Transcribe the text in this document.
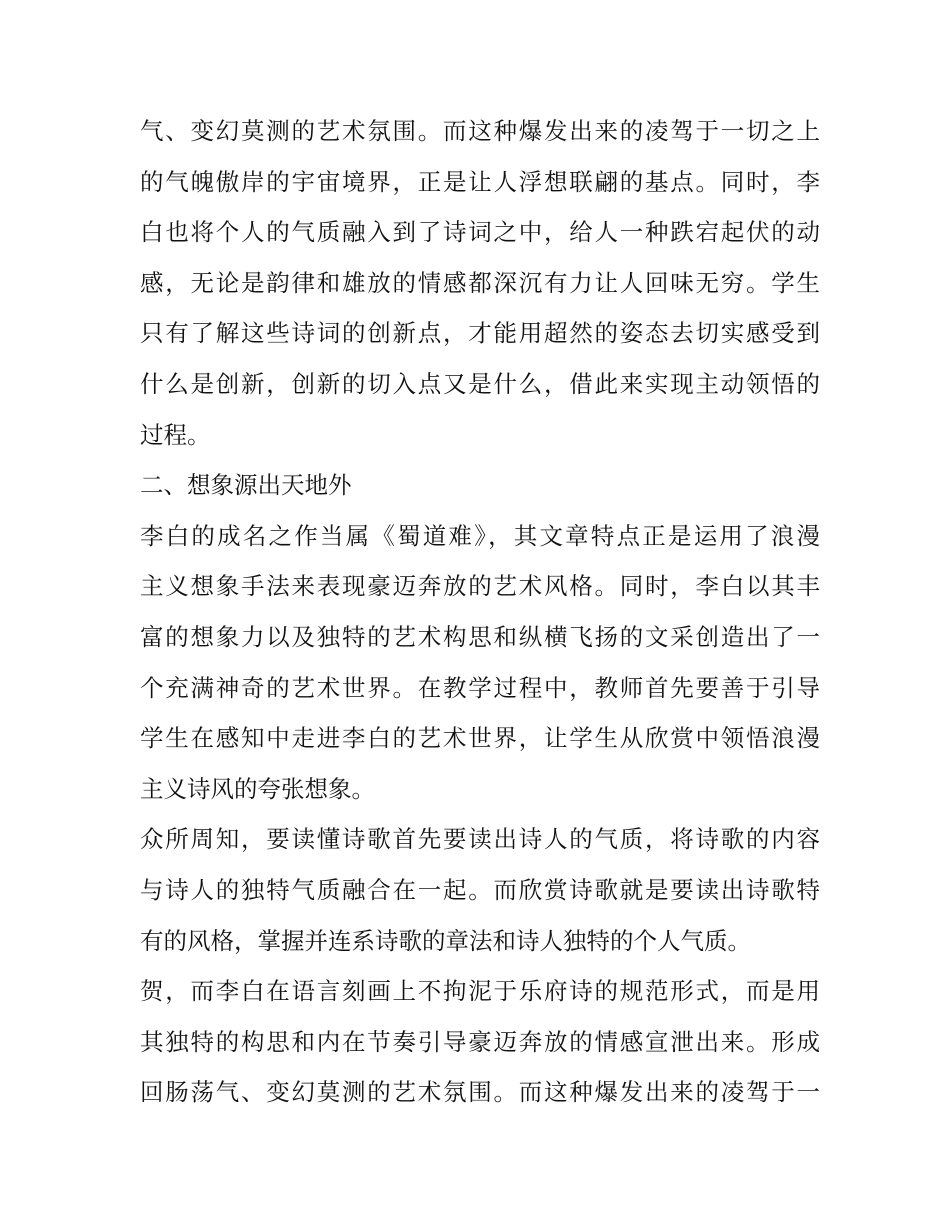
气、变幻莫测的艺术氛围。而这种爆发出来的凌驾于一切之上
的气魄傲岸的宇宙境界，正是让人浮想联翩的基点。同时，李
白也将个人的气质融入到了诗词之中，给人一种跌宕起伏的动
感，无论是韵律和雄放的情感都深沉有力让人回味无穷。学生
只有了解这些诗词的创新点，才能用超然的姿态去切实感受到
什么是创新，创新的切入点又是什么，借此来实现主动领悟的
过程。
二、想象源出天地外
李白的成名之作当属《蜀道难》，其文章特点正是运用了浪漫
主义想象手法来表现豪迈奔放的艺术风格。同时，李白以其丰
富的想象力以及独特的艺术构思和纵横飞扬的文采创造出了一
个充满神奇的艺术世界。在教学过程中，教师首先要善于引导
学生在感知中走进李白的艺术世界，让学生从欣赏中领悟浪漫
主义诗风的夸张想象。
众所周知，要读懂诗歌首先要读出诗人的气质，将诗歌的内容
与诗人的独特气质融合在一起。而欣赏诗歌就是要读出诗歌特
有的风格，掌握并连系诗歌的章法和诗人独特的个人气质。
贺，而李白在语言刻画上不拘泥于乐府诗的规范形式，而是用
其独特的构思和内在节奏引导豪迈奔放的情感宣泄出来。形成
回肠荡气、变幻莫测的艺术氛围。而这种爆发出来的凌驾于一
